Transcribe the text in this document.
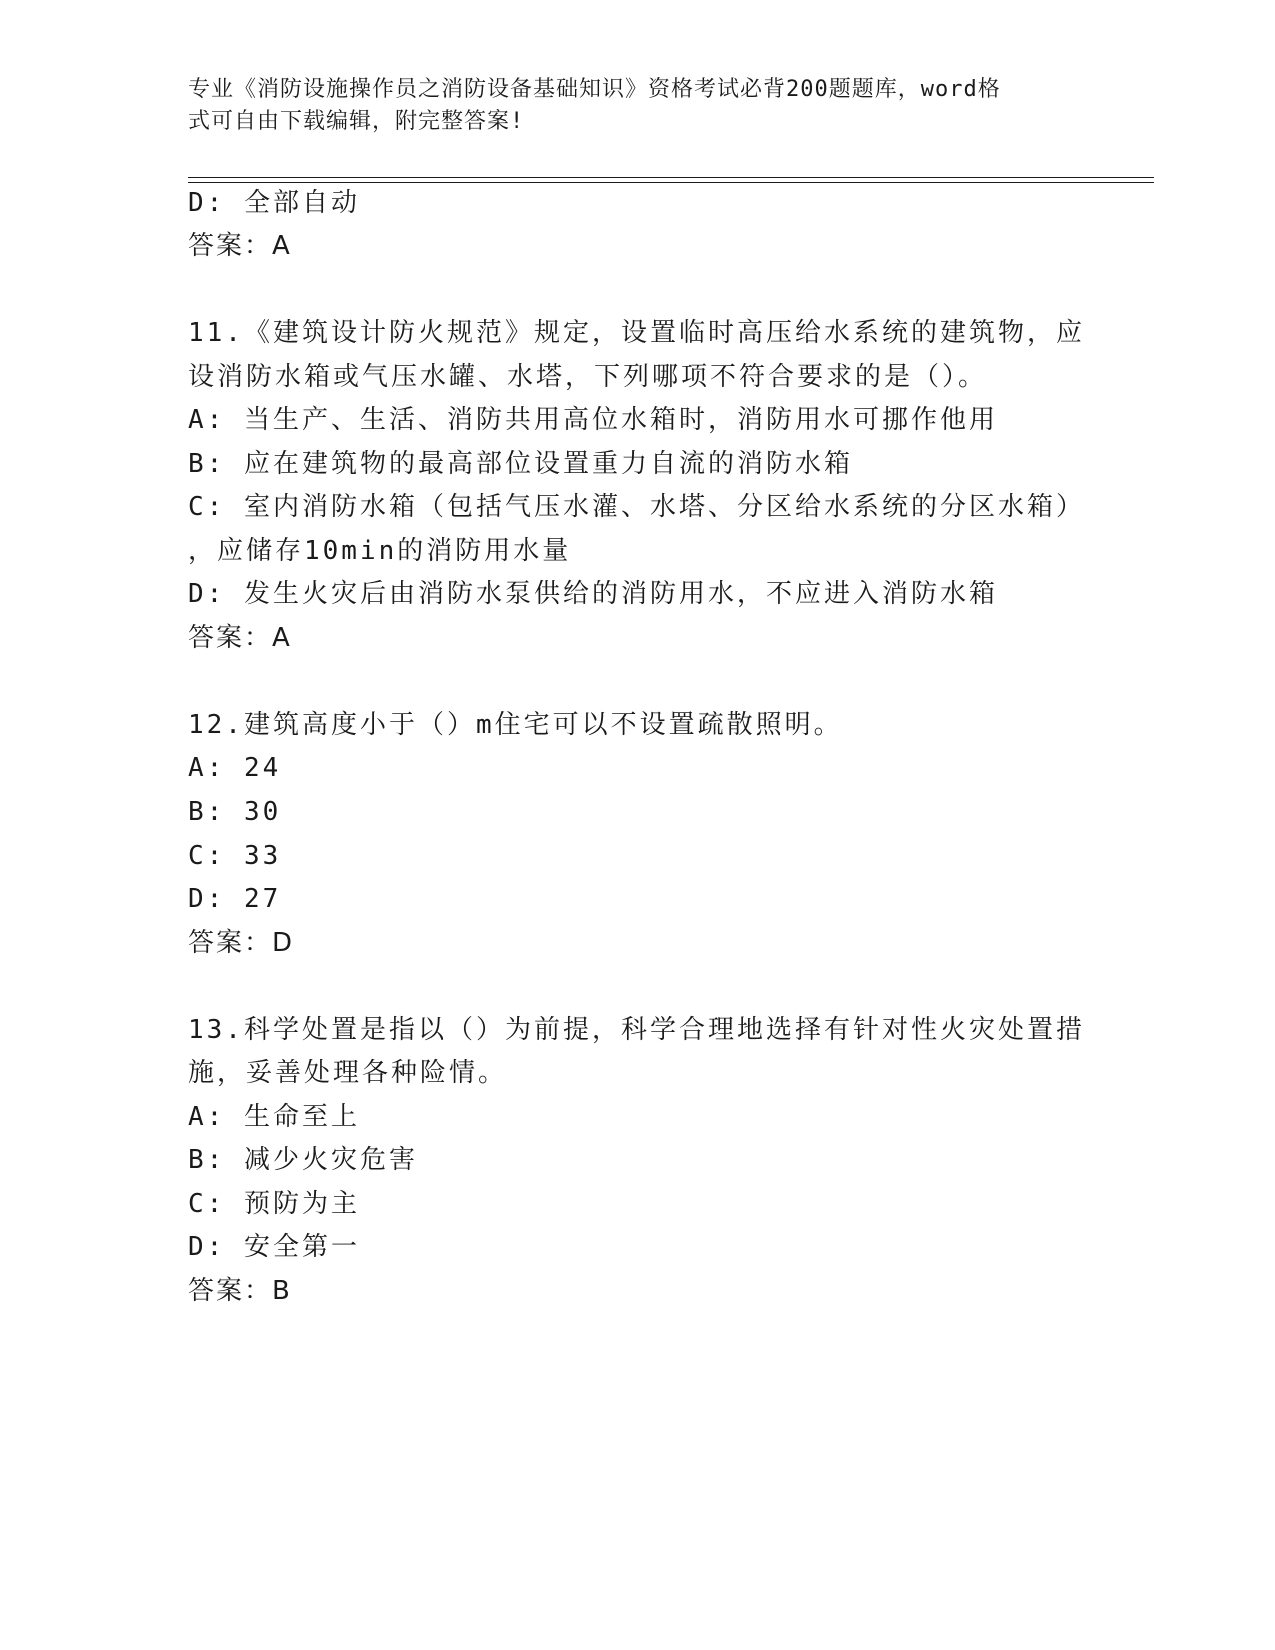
专业《消防设施操作员之消防设备基础知识》资格考试必背200题题库，word格
式可自由下载编辑，附完整答案!
D: 全部自动
答案：A
11.《建筑设计防火规范》规定，设置临时高压给水系统的建筑物，应
设消防水箱或气压水罐、水塔，下列哪项不符合要求的是（）。
A: 当生产、生活、消防共用高位水箱时，消防用水可挪作他用
B: 应在建筑物的最高部位设置重力自流的消防水箱
C: 室内消防水箱（包括气压水灌、水塔、分区给水系统的分区水箱）
，应储存10min的消防用水量
D: 发生火灾后由消防水泵供给的消防用水，不应进入消防水箱
答案：A
12.建筑高度小于（）m住宅可以不设置疏散照明。
A: 24
B: 30
C: 33
D: 27
答案：D
13.科学处置是指以（）为前提，科学合理地选择有针对性火灾处置措
施，妥善处理各种险情。
A: 生命至上
B: 减少火灾危害
C: 预防为主
D: 安全第一
答案：B
